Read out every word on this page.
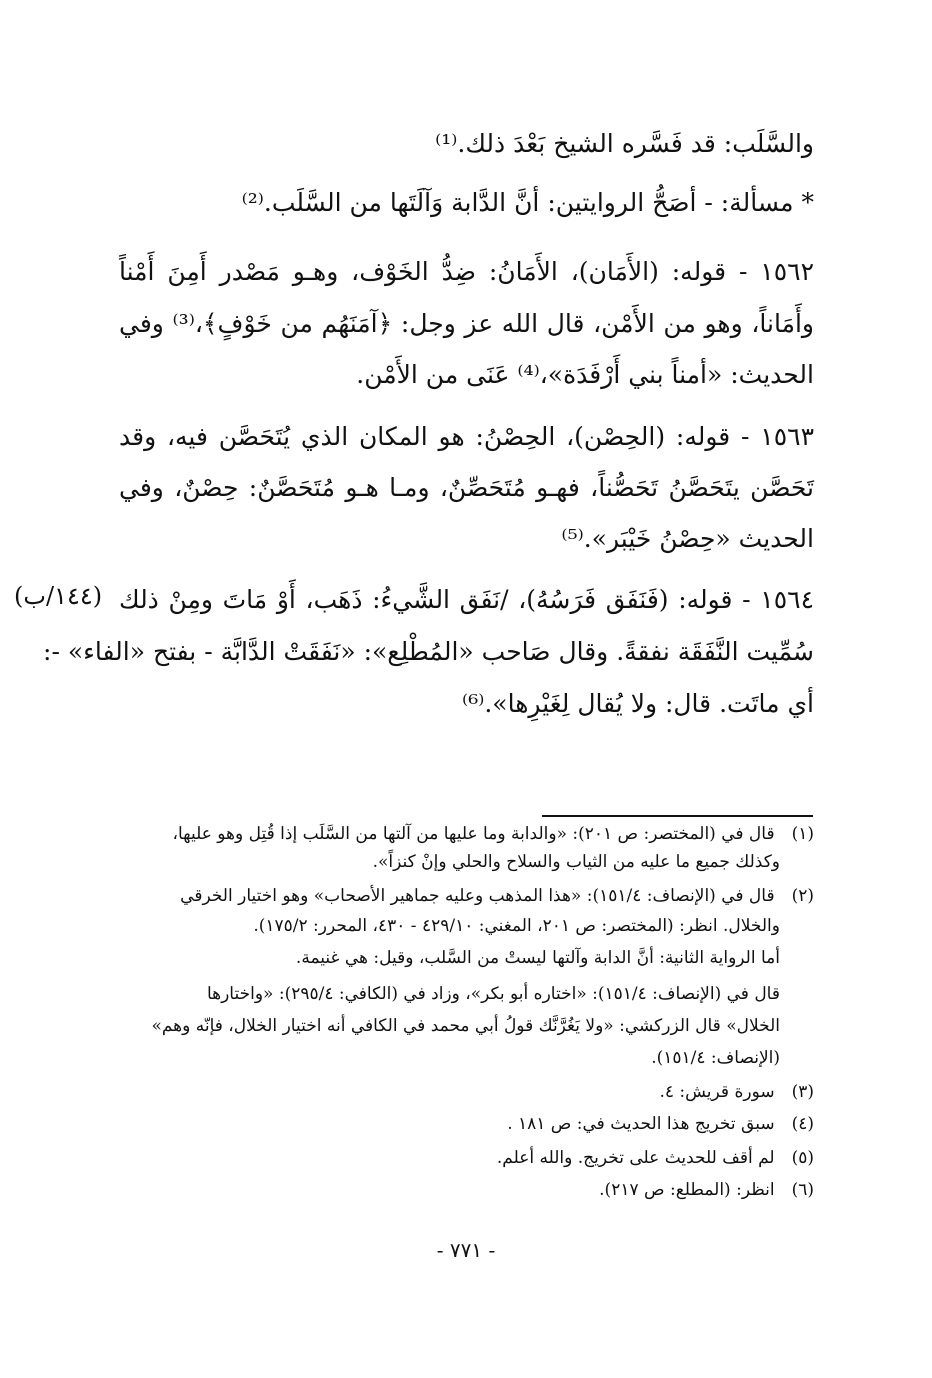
والسَّلَب: قد فَسَّره الشيخ بَعْدَ ذلك.⁽¹⁾
* مسألة: - أصَحُّ الروايتين: أنَّ الدَّابة وَآلَتَها من السَّلَب.⁽²⁾
١٥٦٢ - قوله: (الأَمَان)، الأَمَانُ: ضِدُّ الخَوْف، وهـو مَصْدر أَمِنَ أَمْناً
وأَمَاناً، وهو من الأَمْن، قال الله عز وجل: ﴿آمَنَهُم من خَوْفٍ﴾،⁽³⁾ وفي
الحديث: «أمناً بني أَرْفَدَة»،⁽⁴⁾ عَنَى من الأَمْن.
١٥٦٣ - قوله: (الحِصْن)، الحِصْنُ: هو المكان الذي يُتَحَصَّن فيه، وقد
تَحَصَّن يتَحَصَّنُ تَحَصُّناً، فهـو مُتَحَصِّنٌ، ومـا هـو مُتَحَصَّنٌ: حِصْنٌ، وفي
الحديث «حِصْنُ خَيْبَر».⁽⁵⁾
١٥٦٤ - قوله: (فَنَفَق فَرَسُهُ)، /نَفَق الشَّيءُ: ذَهَب، أَوْ مَاتَ ومِنْ ذلك
سُمِّيت النَّفَقَة نفقةً. وقال صَاحب «المُطْلِع»: «نَفَقَتْ الدَّابَّة - بفتح «الفاء» -:
أي ماتَت. قال: ولا يُقال لِغَيْرِها».⁽⁶⁾
(١٤٤/ب)
(١) قال في (المختصر: ص ٢٠١): «والدابة وما عليها من آلتها من السَّلَب إذا قُتِل وهو عليها،
وكذلك جميع ما عليه من الثياب والسلاح والحلي وإنْ كنزاً».
(٢) قال في (الإنصاف: ١٥١/٤): «هذا المذهب وعليه جماهير الأصحاب» وهو اختيار الخرقي
والخلال. انظر: (المختصر: ص ٢٠١، المغني: ٤٢٩/١٠ - ٤٣٠، المحرر: ١٧٥/٢).
أما الرواية الثانية: أنَّ الدابة وآلتها ليستْ من السَّلب، وقيل: هي غنيمة.
قال في (الإنصاف: ١٥١/٤): «اختاره أبو بكر»، وزاد في (الكافي: ٢٩٥/٤): «واختارها
الخلال» قال الزركشي: «ولا يَغُرَّنَّك قولُ أبي محمد في الكافي أنه اختيار الخلال، فإنّه وهم»
(الإنصاف: ١٥١/٤).
(٣) سورة قريش: ٤.
(٤) سبق تخريج هذا الحديث في: ص ١٨١ .
(٥) لم أقف للحديث على تخريج. والله أعلم.
(٦) انظر: (المطلع: ص ٢١٧).
- ٧٧١ -
